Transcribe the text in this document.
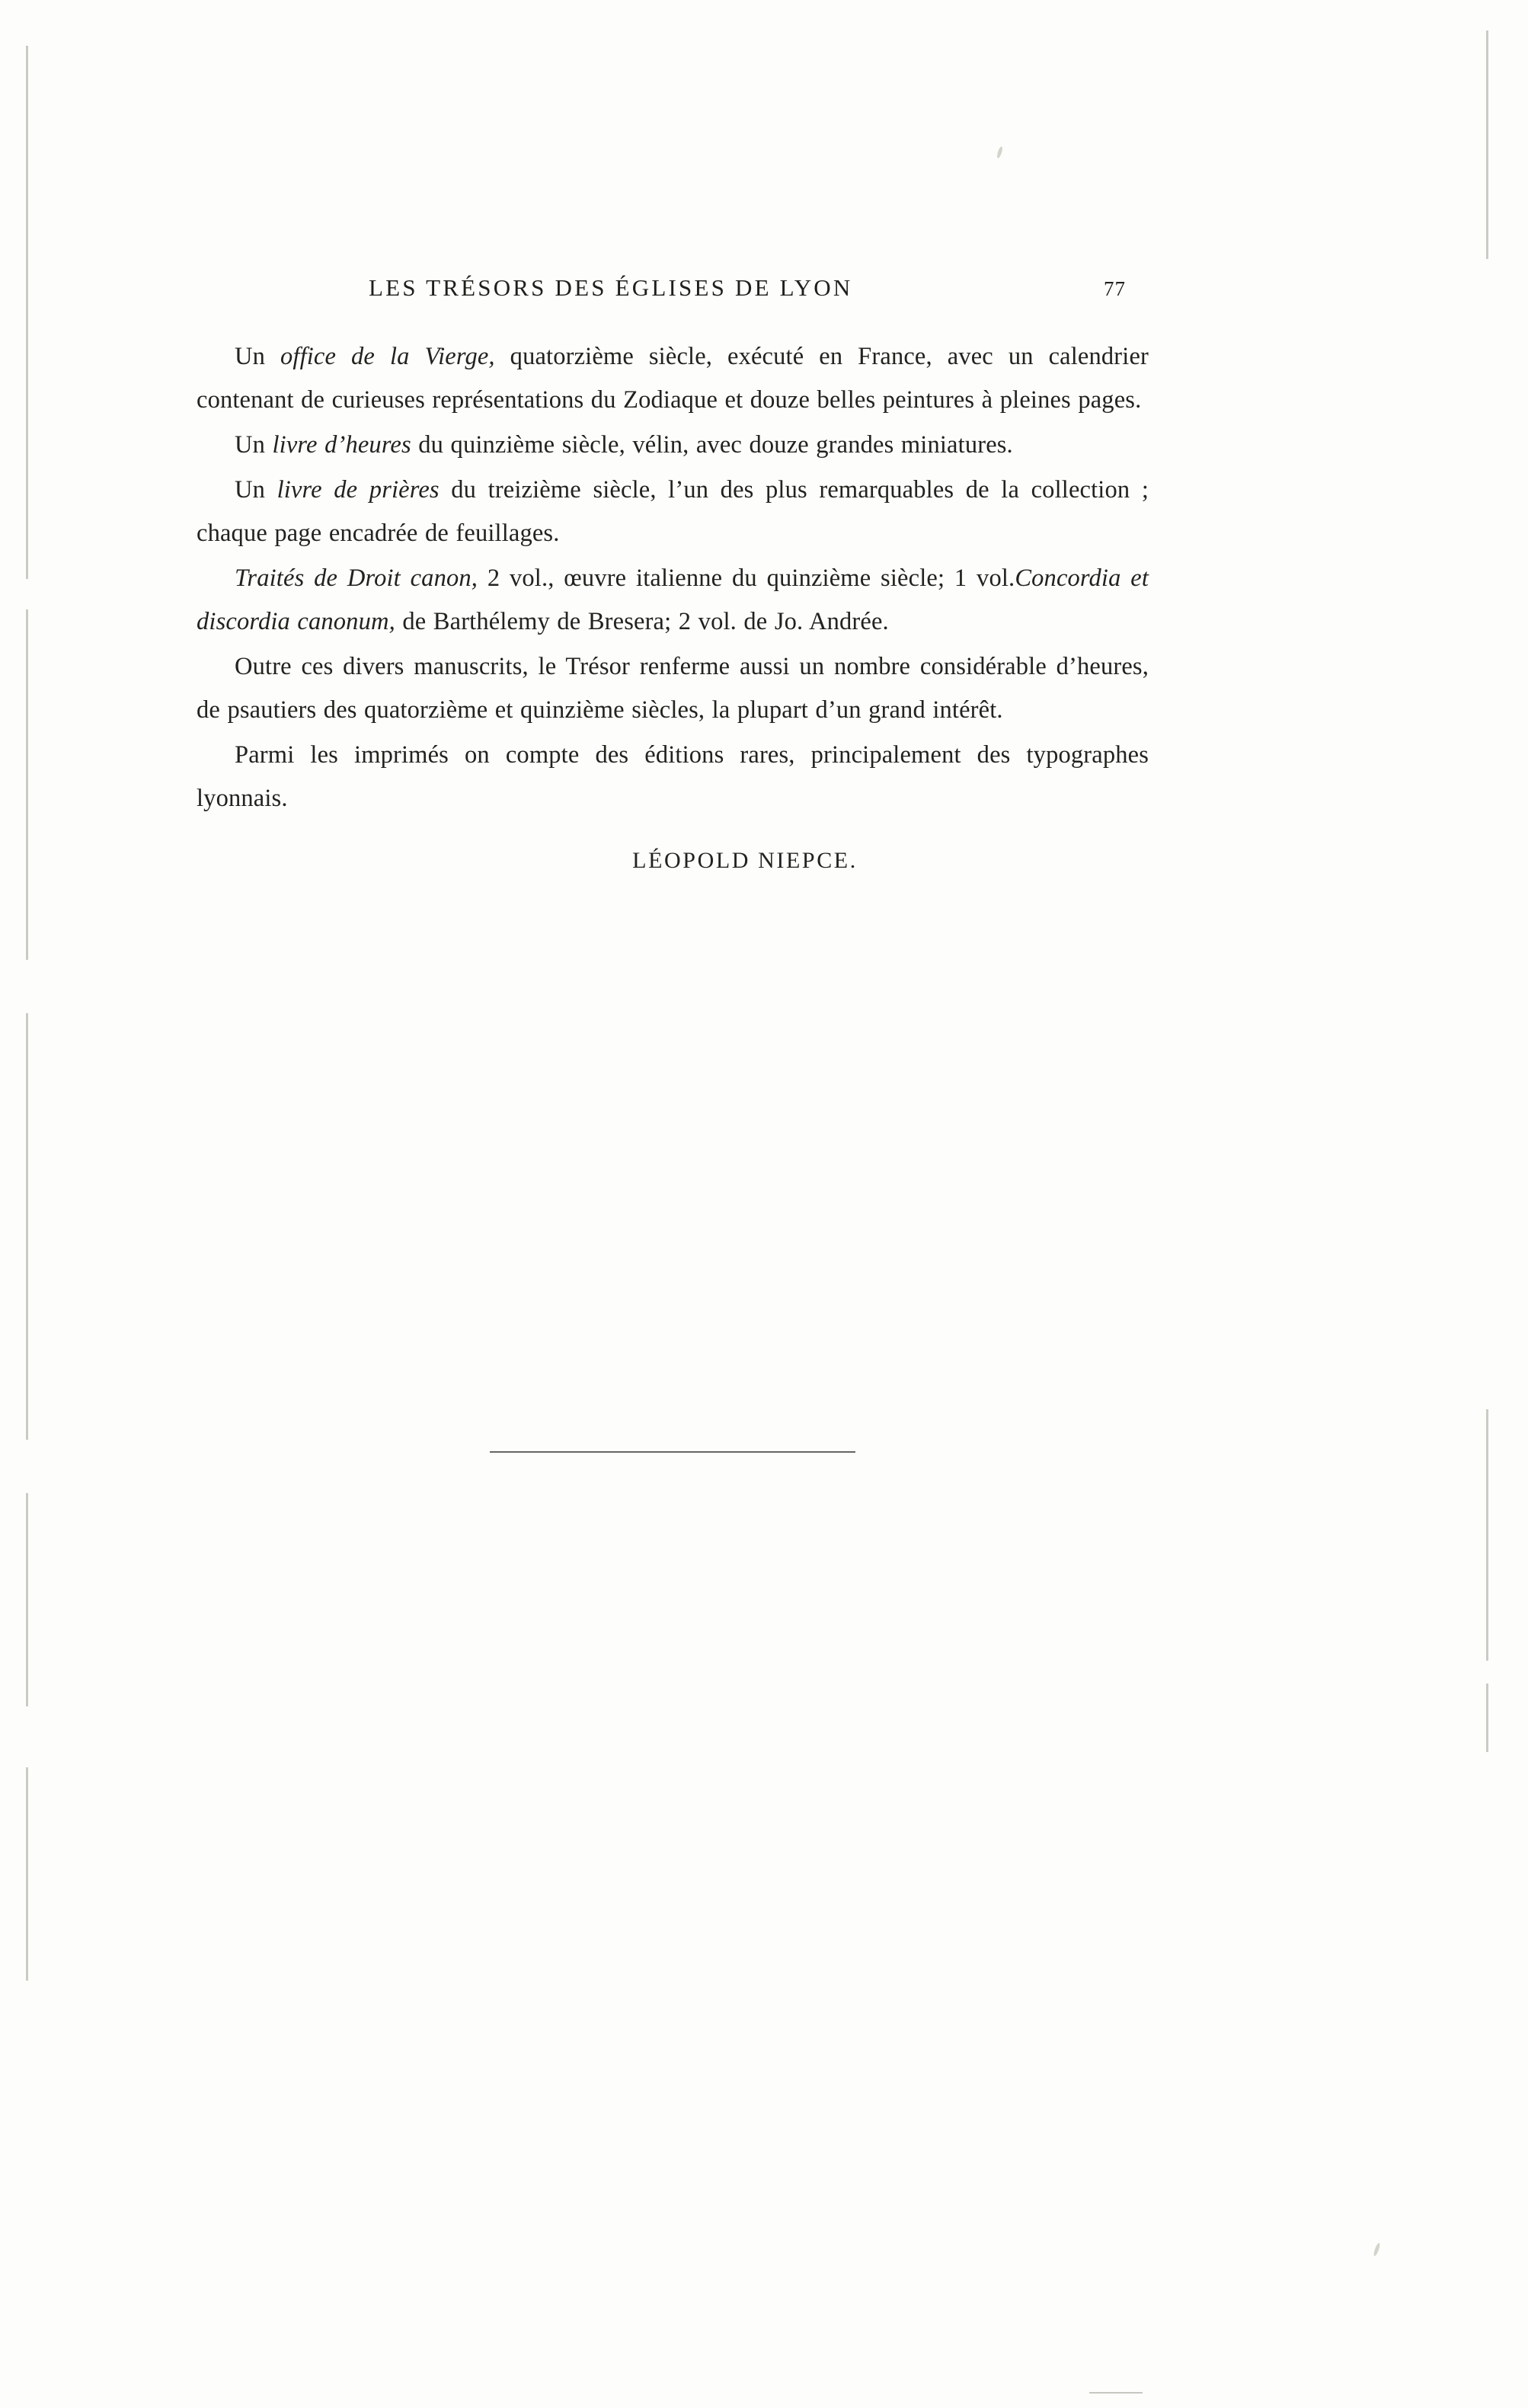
LES TRÉSORS DES ÉGLISES DE LYON	77

Un office de la Vierge, quatorzième siècle, exécuté en France, avec un calendrier contenant de curieuses représentations du Zodiaque et douze belles peintures à pleines pages.

Un livre d’heures du quinzième siècle, vélin, avec douze grandes miniatures.

Un livre de prières du treizième siècle, l’un des plus remarquables de la collection ; chaque page encadrée de feuillages.

Traités de Droit canon, 2 vol., œuvre italienne du quinzième siècle; 1 vol.Concordia et discordia canonum, de Barthélemy de Bresera; 2 vol. de Jo. Andrée.

Outre ces divers manuscrits, le Trésor renferme aussi un nombre considérable d’heures, de psautiers des quatorzième et quinzième siècles, la plupart d’un grand intérêt.

Parmi les imprimés on compte des éditions rares, principalement des typographes lyonnais.

LÉOPOLD NIEPCE.
